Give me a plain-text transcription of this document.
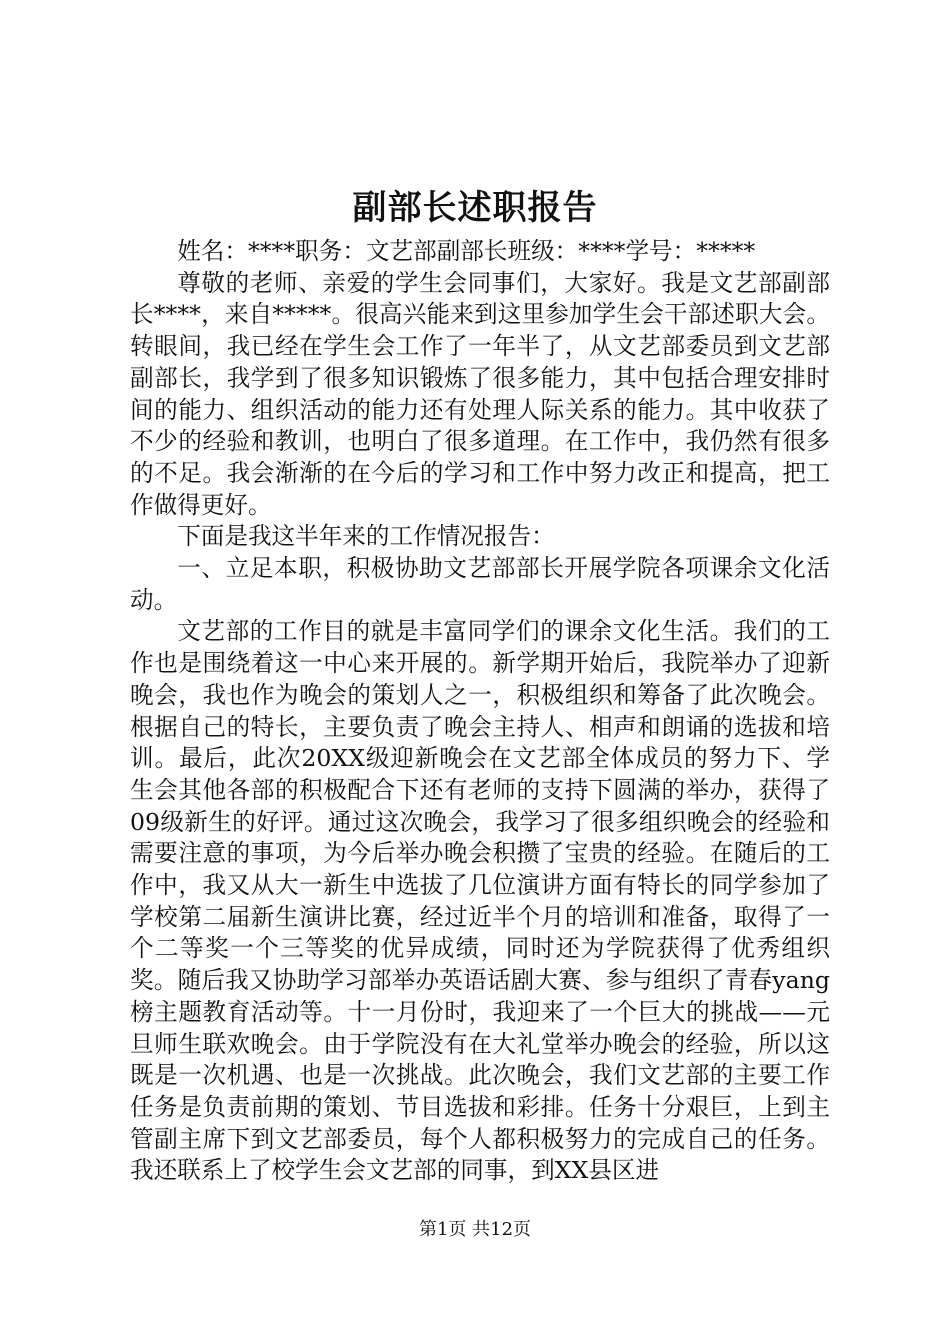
副部长述职报告

姓名：****职务：文艺部副部长班级：****学号：*****

尊敬的老师、亲爱的学生会同事们，大家好。我是文艺部副部长****，来自*****。很高兴能来到这里参加学生会干部述职大会。转眼间，我已经在学生会工作了一年半了，从文艺部委员到文艺部副部长，我学到了很多知识锻炼了很多能力，其中包括合理安排时间的能力、组织活动的能力还有处理人际关系的能力。其中收获了不少的经验和教训，也明白了很多道理。在工作中，我仍然有很多的不足。我会渐渐的在今后的学习和工作中努力改正和提高，把工作做得更好。

下面是我这半年来的工作情况报告：

一、立足本职，积极协助文艺部部长开展学院各项课余文化活动。

文艺部的工作目的就是丰富同学们的课余文化生活。我们的工作也是围绕着这一中心来开展的。新学期开始后，我院举办了迎新晚会，我也作为晚会的策划人之一，积极组织和筹备了此次晚会。根据自己的特长，主要负责了晚会主持人、相声和朗诵的选拔和培训。最后，此次20XX级迎新晚会在文艺部全体成员的努力下、学生会其他各部的积极配合下还有老师的支持下圆满的举办，获得了09级新生的好评。通过这次晚会，我学习了很多组织晚会的经验和需要注意的事项，为今后举办晚会积攒了宝贵的经验。在随后的工作中，我又从大一新生中选拔了几位演讲方面有特长的同学参加了学校第二届新生演讲比赛，经过近半个月的培训和准备，取得了一个二等奖一个三等奖的优异成绩，同时还为学院获得了优秀组织奖。随后我又协助学习部举办英语话剧大赛、参与组织了青春yang榜主题教育活动等。十一月份时，我迎来了一个巨大的挑战——元旦师生联欢晚会。由于学院没有在大礼堂举办晚会的经验，所以这既是一次机遇、也是一次挑战。此次晚会，我们文艺部的主要工作任务是负责前期的策划、节目选拔和彩排。任务十分艰巨，上到主管副主席下到文艺部委员，每个人都积极努力的完成自己的任务。我还联系上了校学生会文艺部的同事，到XX县区进

第1页 共12页
